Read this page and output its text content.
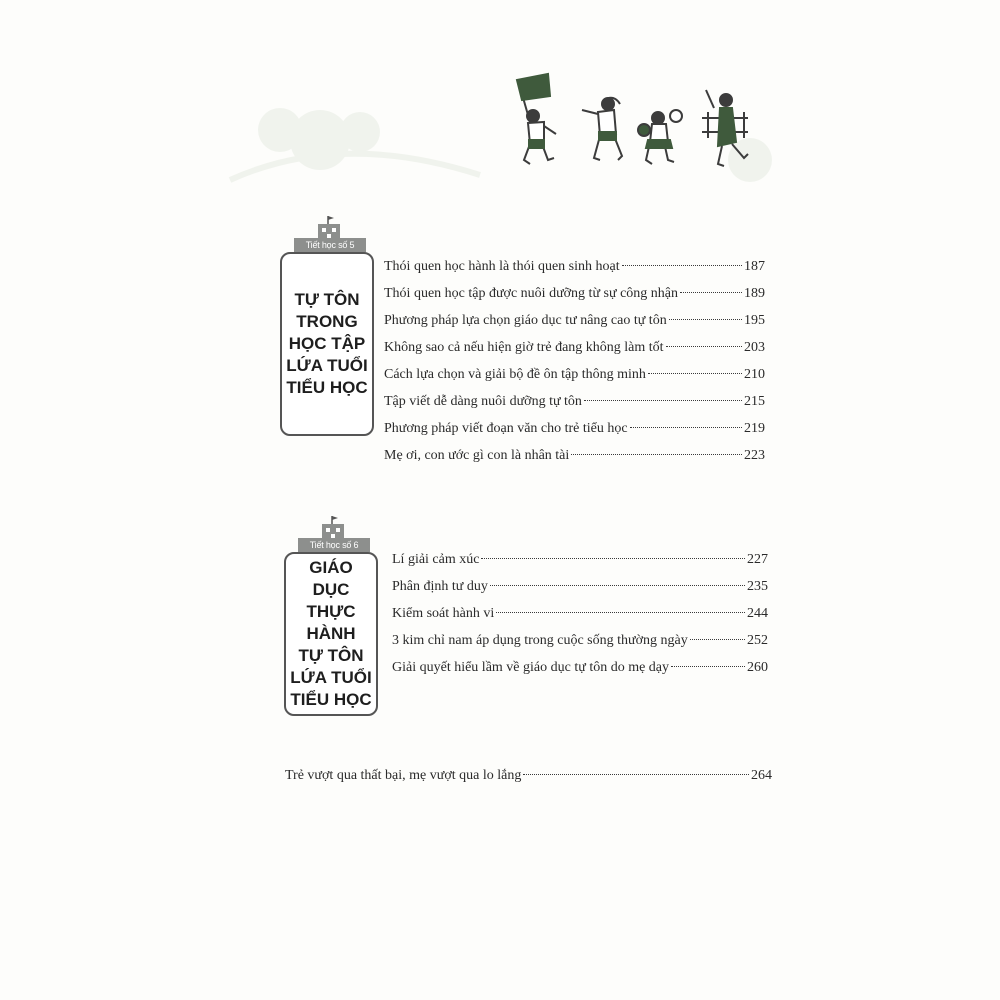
Tiết học số 5
TỰ TÔN
TRONG
HỌC TẬP
LỨA TUỔI
TIỂU HỌC
Thói quen học hành là thói quen sinh hoạt	187
Thói quen học tập được nuôi dưỡng từ sự công nhận	189
Phương pháp lựa chọn giáo dục tư nâng cao tự tôn	195
Không sao cả nếu hiện giờ trẻ đang không làm tốt	203
Cách lựa chọn và giải bộ đề ôn tập thông minh	210
Tập viết dễ dàng nuôi dưỡng tự tôn	215
Phương pháp viết đoạn văn cho trẻ tiểu học	219
Mẹ ơi, con ước gì con là nhân tài	223
Tiết học số 6
GIÁO DỤC
THỰC
HÀNH
TỰ TÔN
LỨA TUỔI
TIỂU HỌC
Lí giải cảm xúc	227
Phân định tư duy	235
Kiểm soát hành vi	244
3 kim chỉ nam áp dụng trong cuộc sống thường ngày	252
Giải quyết hiểu lầm về giáo dục tự tôn do mẹ dạy	260
Trẻ vượt qua thất bại, mẹ vượt qua lo lắng	264
